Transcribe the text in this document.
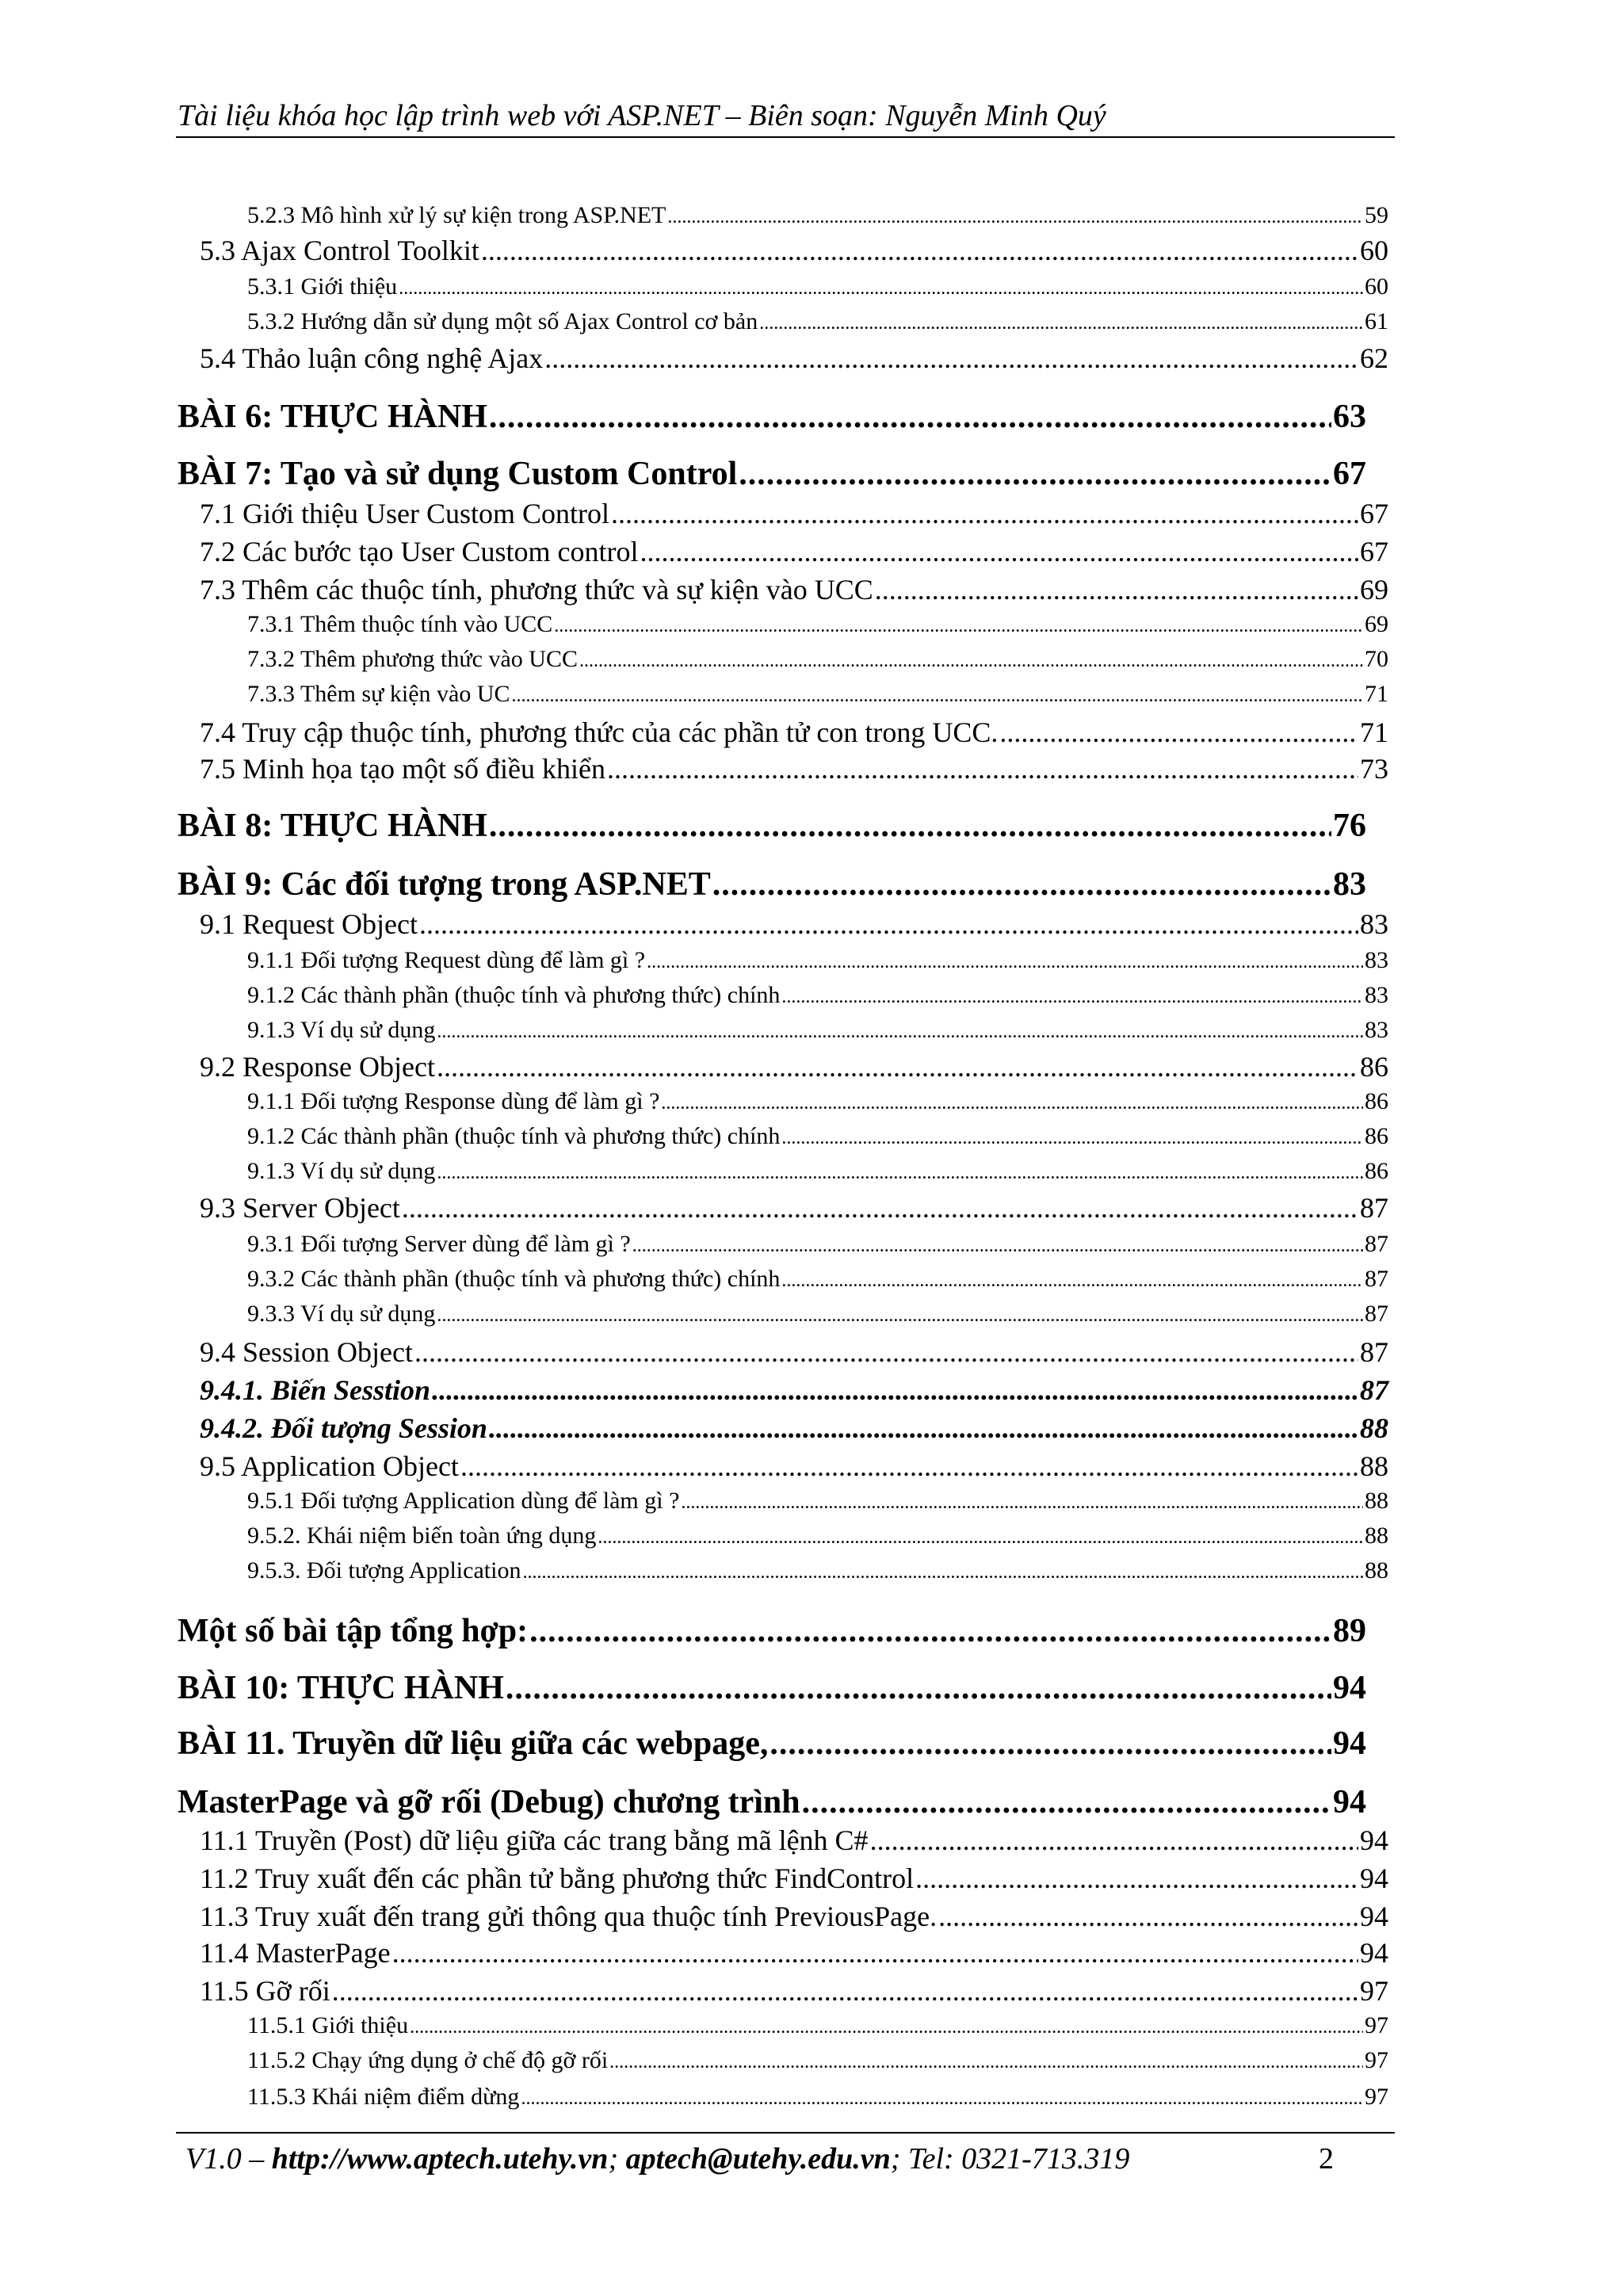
Tài liệu khóa học lập trình web với ASP.NET – Biên soạn: Nguyễn Minh Quý
5.2.3 Mô hình xử lý sự kiện trong ASP.NET .....	59
5.3 Ajax Control Toolkit .....	60
5.3.1 Giới thiệu .....	60
5.3.2 Hướng dẫn sử dụng một số Ajax Control cơ bản .....	61
5.4 Thảo luận công nghệ Ajax .....	62
BÀI 6: THỰC HÀNH .....	63
BÀI 7: Tạo và sử dụng Custom Control .....	67
7.1 Giới thiệu User Custom Control .....	67
7.2 Các bước tạo User Custom control .....	67
7.3 Thêm các thuộc tính, phương thức và sự kiện vào UCC .....	69
7.3.1 Thêm thuộc tính vào UCC .....	69
7.3.2 Thêm phương thức vào UCC .....	70
7.3.3 Thêm sự kiện vào UC .....	71
7.4 Truy cập thuộc tính, phương thức của các phần tử con trong UCC. .....	71
7.5 Minh họa tạo một số điều khiển .....	73
BÀI 8: THỰC HÀNH .....	76
BÀI 9: Các đối tượng trong ASP.NET .....	83
9.1 Request Object .....	83
9.1.1 Đối tượng Request dùng để làm gì ? .....	83
9.1.2 Các thành phần (thuộc tính và phương thức) chính .....	83
9.1.3 Ví dụ sử dụng .....	83
9.2 Response Object .....	86
9.1.1 Đối tượng Response dùng để làm gì ? .....	86
9.1.2 Các thành phần (thuộc tính và phương thức) chính .....	86
9.1.3 Ví dụ sử dụng .....	86
9.3 Server Object .....	87
9.3.1 Đối tượng Server dùng để làm gì ? .....	87
9.3.2 Các thành phần (thuộc tính và phương thức) chính .....	87
9.3.3 Ví dụ sử dụng .....	87
9.4 Session Object .....	87
9.4.1. Biến Sesstion .....	87
9.4.2. Đối tượng Session .....	88
9.5 Application Object .....	88
9.5.1 Đối tượng Application dùng để làm gì ? .....	88
9.5.2. Khái niệm biến toàn ứng dụng .....	88
9.5.3. Đối tượng Application .....	88
Một số bài tập tổng hợp: .....	89
BÀI 10: THỰC HÀNH .....	94
BÀI 11. Truyền dữ liệu giữa các webpage, .....	94
MasterPage và gỡ rối (Debug) chương trình .....	94
11.1 Truyền (Post) dữ liệu giữa các trang bằng mã lệnh C# .....	94
11.2 Truy xuất đến các phần tử bằng phương thức FindControl .....	94
11.3 Truy xuất đến trang gửi thông qua thuộc tính PreviousPage. .....	94
11.4 MasterPage .....	94
11.5 Gỡ rối .....	97
11.5.1 Giới thiệu .....	97
11.5.2 Chạy ứng dụng ở chế độ gỡ rối .....	97
11.5.3 Khái niệm điểm dừng .....	97
V1.0 – http://www.aptech.utehy.vn; aptech@utehy.edu.vn; Tel: 0321-713.319	2
